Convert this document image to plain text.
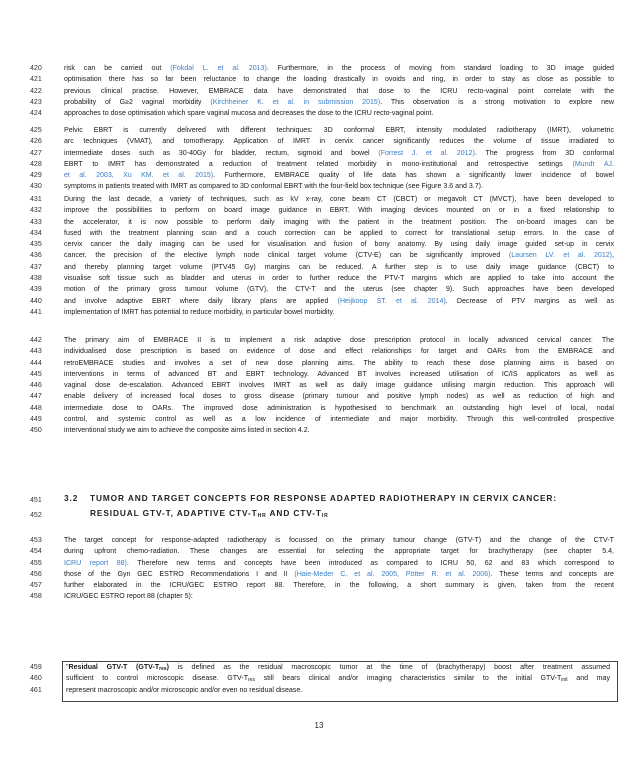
420	risk can be carried out (Fokdal L. et al. 2013). Furthermore, in the process of moving from standard loading to 3D image guided
421	optimisation there has so far been reluctance to change the loading drastically in ovoids and ring, in order to stay as close as possible to
422	previous clinical practise. However, EMBRACE data have demonstrated that dose to the ICRU recto-vaginal point correlate with the
423	probability of G≥2 vaginal morbidity (Kirchheiner K. et al. in submission 2015). This observation is a strong motivation to explore new
424	approaches to dose optimisation which spare vaginal mucosa and decreases the dose to the ICRU recto-vaginal point.
425	Pelvic EBRT is currently delivered with different techniques: 3D conformal EBRT, intensity modulated radiotherapy (IMRT), volumetric
426	arc techniques (VMAT), and tomotherapy. Application of IMRT in cervix cancer significantly reduces the volume of tissue irradiated to
427	intermediate doses such as 30-40Gy for bladder, rectum, sigmoid and bowel (Forrest J. et al. 2012). The progress from 3D conformal
428	EBRT to IMRT has demonstrated a reduction of treatment related morbidity in mono-institutional and retrospective settings (Mundt AJ.
429	et al. 2003, Xu KM. et al. 2015). Furthermore, EMBRACE quality of life data has shown a significantly lower incidence of bowel
430	symptoms in patients treated with IMRT as compared to 3D conformal EBRT with the four-field box technique (see Figure 3.6 and 3.7).
431	During the last decade, a variety of techniques, such as kV x-ray, cone beam CT (CBCT) or megavolt CT (MVCT), have been developed to
432	improve the possibilities to perform on board image guidance in EBRT. With imaging devices mounted on or in a fixed relationship to
433	the accelerator, it is now possible to perform daily imaging with the patient in the treatment position. The on-board images can be
434	fused with the treatment planning scan and a couch correction can be applied to correct for translational setup errors. In the case of
435	cervix cancer the daily imaging can be used for visualisation and fusion of bony anatomy. By using daily image guided set-up in cervix
436	cancer, the precision of the elective lymph node clinical target volume (CTV-E) can be significantly improved (Laursen LV. et al. 2012),
437	and thereby planning target volume (PTV45 Gy) margins can be reduced. A further step is to use daily image guidance (CBCT) to
438	visualise soft tissue such as bladder and uterus in order to further reduce the PTV-T margins which are applied to take into account the
439	motion of the primary gross tumour volume (GTV), the CTV-T and the uterus (see chapter 9). Such approaches have been developed
440	and involve adaptive EBRT where daily library plans are applied (Heijkoop ST. et al. 2014). Decrease of PTV margins as well as
441	implementation of IMRT has potential to reduce morbidity, in particular bowel morbidity.
442	The primary aim of EMBRACE II is to implement a risk adaptive dose prescription protocol in locally advanced cervical cancer. The
443	individualised dose prescription is based on evidence of dose and effect relationships for target and OARs from the EMBRACE and
444	retroEMBRACE studies and involves a set of new dose planning aims. The ability to reach these dose planning aims is based on
445	interventions in terms of advanced BT and EBRT technology. Advanced BT involves increased utilisation of IC/IS applicators as well as
446	vaginal dose de-escalation. Advanced EBRT involves IMRT as well as daily image guidance utilising margin reduction. This approach will
447	enable delivery of increased focal doses to gross disease (primary tumour and positive lymph nodes) as well as reduction of high and
448	intermediate dose to OARs. The improved dose administration is hypothesised to benchmark an outstanding high level of local, nodal
449	control, and systemic control as well as a low incidence of intermediate and major morbidity. Through this well-controlled prospective
450	interventional study we aim to achieve the composite aims listed in section 4.2.
451	3.2 TUMOR AND TARGET CONCEPTS FOR RESPONSE ADAPTED RADIOTHERAPY IN CERVIX CANCER:
452	RESIDUAL GTV-T, ADAPTIVE CTV-$T_{HR}$ AND CTV-$T_{IR}$
453	The target concept for response-adapted radiotherapy is focussed on the primary tumour change (GTV-T) and the change of the CTV-T
454	during upfront chemo-radiation. These changes are essential for selecting the appropriate target for brachytherapy (see chapter 5.4,
455	ICRU report 88). Therefore new terms and concepts have been introduced as compared to ICRU 50, 62 and 83 which correspond to
456	those of the Gyn GEC ESTRO Recommendations I and II (Haie-Meder C. et al. 2005, Pötter R. et al. 2006). These terms and concepts are
457	further elaborated in the ICRU/GEC ESTRO report 88. Therefore, in the following, a short summary is given, taken from the recent
458	ICRU/GEC ESTRO report 88 (chapter 5):
459	"Residual GTV-T $(GTV-T_{res})$ is defined as the residual macroscopic tumor at the time of (brachytherapy) boost after treatment assumed
460	sufficient to control microscopic disease. GTV-$T_{res}$ still bears clinical and/or imaging characteristics similar to the initial GTV-$T_{init}$ and may
461	represent macroscopic and/or microscopic and/or even no residual disease.
13
